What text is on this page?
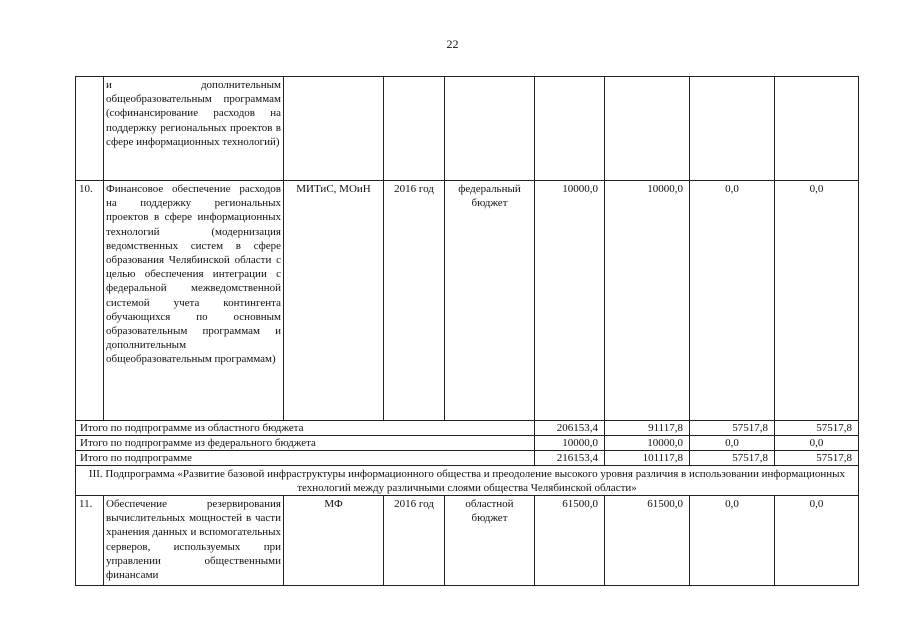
22
	и дополнительным общеобразовательным программам (софинансирование расходов на поддержку региональных проектов в сфере информационных технологий)							
10.	Финансовое обеспечение расходов на поддержку региональных проектов в сфере информационных технологий (модернизация ведомственных систем в сфере образования Челябинской области с целью обеспечения интеграции с федеральной межведомственной системой учета контингента обучающихся по основным образовательным программам и дополнительным общеобразовательным программам)	МИТиС, МОиН	2016 год	федеральный бюджет	10000,0	10000,0	0,0	0,0
Итого по подпрограмме из областного бюджета					206153,4	91117,8	57517,8	57517,8
Итого по подпрограмме из федерального бюджета					10000,0	10000,0	0,0	0,0
Итого по подпрограмме					216153,4	101117,8	57517,8	57517,8
III. Подпрограмма «Развитие базовой инфраструктуры информационного общества и преодоление высокого уровня различия в использовании информационных технологий между различными слоями общества Челябинской области»								
11.	Обеспечение резервирования вычислительных мощностей в части хранения данных и вспомогательных серверов, используемых при управлении общественными финансами	МФ	2016 год	областной бюджет	61500,0	61500,0	0,0	0,0
